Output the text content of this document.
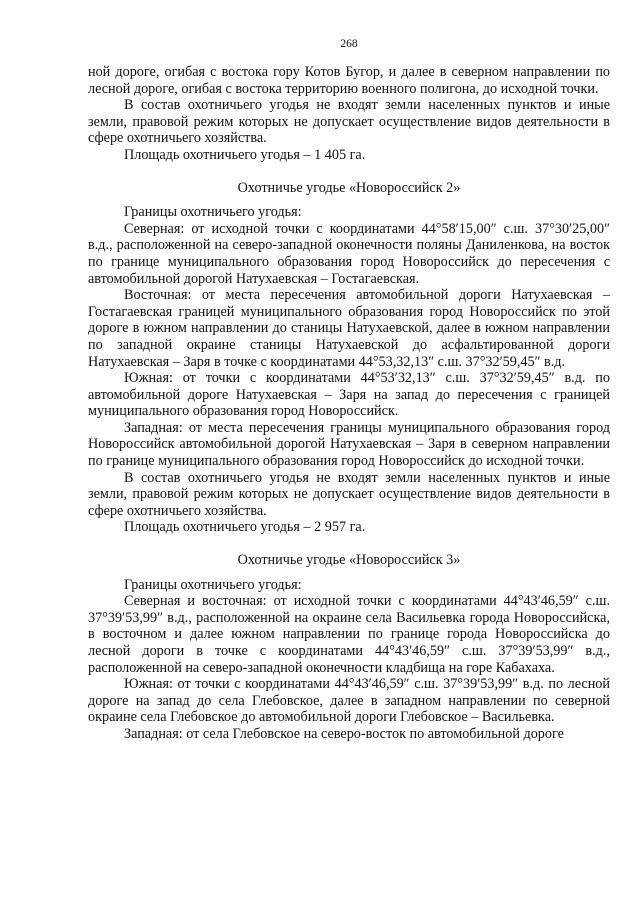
268

ной дороге, огибая с востока гору Котов Бугор, и далее в северном направлении по лесной дороге, огибая с востока территорию военного полигона, до исходной точки.

В состав охотничьего угодья не входят земли населенных пунктов и иные земли, правовой режим которых не допускает осуществление видов деятельности в сфере охотничьего хозяйства.

Площадь охотничьего угодья – 1 405 га.

Охотничье угодье «Новороссийск 2»

Границы охотничьего угодья:

Северная: от исходной точки с координатами 44°58′15,00″ с.ш. 37°30′25,00″ в.д., расположенной на северо-западной оконечности поляны Даниленкова, на восток по границе муниципального образования город Новороссийск до пересечения с автомобильной дорогой Натухаевская – Гостагаевская.

Восточная: от места пересечения автомобильной дороги Натухаевская – Гостагаевская границей муниципального образования город Новороссийск по этой дороге в южном направлении до станицы Натухаевской, далее в южном направлении по западной окраине станицы Натухаевской до асфальтированной дороги Натухаевская – Заря в точке с координатами 44°53,32,13″ с.ш. 37°32′59,45″ в.д.

Южная: от точки с координатами 44°53′32,13″ с.ш. 37°32′59,45″ в.д. по автомобильной дороге Натухаевская – Заря на запад до пересечения с границей муниципального образования город Новороссийск.

Западная: от места пересечения границы муниципального образования город Новороссийск автомобильной дорогой Натухаевская – Заря в северном направлении по границе муниципального образования город Новороссийск до исходной точки.

В состав охотничьего угодья не входят земли населенных пунктов и иные земли, правовой режим которых не допускает осуществление видов деятельности в сфере охотничьего хозяйства.

Площадь охотничьего угодья – 2 957 га.

Охотничье угодье «Новороссийск 3»

Границы охотничьего угодья:

Северная и восточная: от исходной точки с координатами 44°43′46,59″ с.ш. 37°39′53,99″ в.д., расположенной на окраине села Васильевка города Новороссийска, в восточном и далее южном направлении по границе города Новороссийска до лесной дороги в точке с координатами 44°43′46,59″ с.ш. 37°39′53,99″ в.д., расположенной на северо-западной оконечности кладбища на горе Кабахаха.

Южная: от точки с координатами 44°43′46,59″ с.ш. 37°39′53,99″ в.д. по лесной дороге на запад до села Глебовское, далее в западном направлении по северной окраине села Глебовское до автомобильной дороги Глебовское – Васильевка.

Западная: от села Глебовское на северо-восток по автомобильной дороге
